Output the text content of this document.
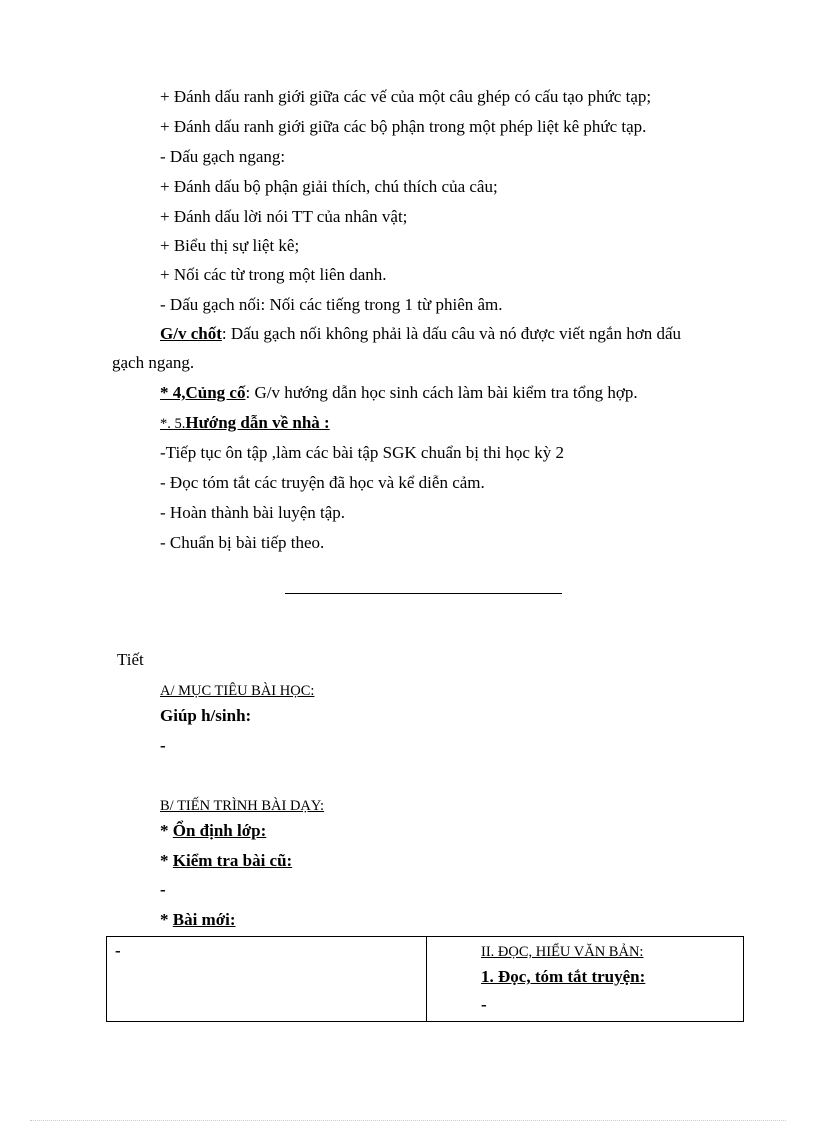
+ Đánh dấu ranh giới giữa các vế của một câu ghép có cấu tạo phức tạp;
+ Đánh dấu ranh giới giữa các bộ phận trong một phép liệt kê phức tạp.
- Dấu gạch ngang:
+ Đánh dấu bộ phận giải thích, chú thích của câu;
+ Đánh dấu lời nói TT của nhân vật;
+ Biểu thị sự liệt kê;
+ Nối các từ trong một liên danh.
- Dấu gạch nối: Nối các tiếng trong 1 từ phiên âm.
G/v chốt: Dấu gạch nối không phải là dấu câu và nó được viết ngắn hơn dấu
gạch ngang.
* 4,Củng cố: G/v hướng dẫn học sinh cách làm bài kiểm tra tổng hợp.
*. 5.Hướng dẫn về nhà :
-Tiếp tục ôn tập ,làm các bài tập SGK chuẩn bị thi học kỳ 2
- Đọc tóm tắt các truyện đã học và kể diễn cảm.
- Hoàn thành bài luyện tập.
- Chuẩn bị bài tiếp theo.
Tiết
A/ MỤC TIÊU BÀI HỌC:
Giúp h/sinh:
-
B/ TIẾN TRÌNH BÀI DẠY:
* Ổn định lớp:
* Kiểm tra bài cũ:
-
* Bài mới:
-	II. ĐỌC, HIỂU VĂN BẢN:
1. Đọc, tóm tắt truyện:
-
